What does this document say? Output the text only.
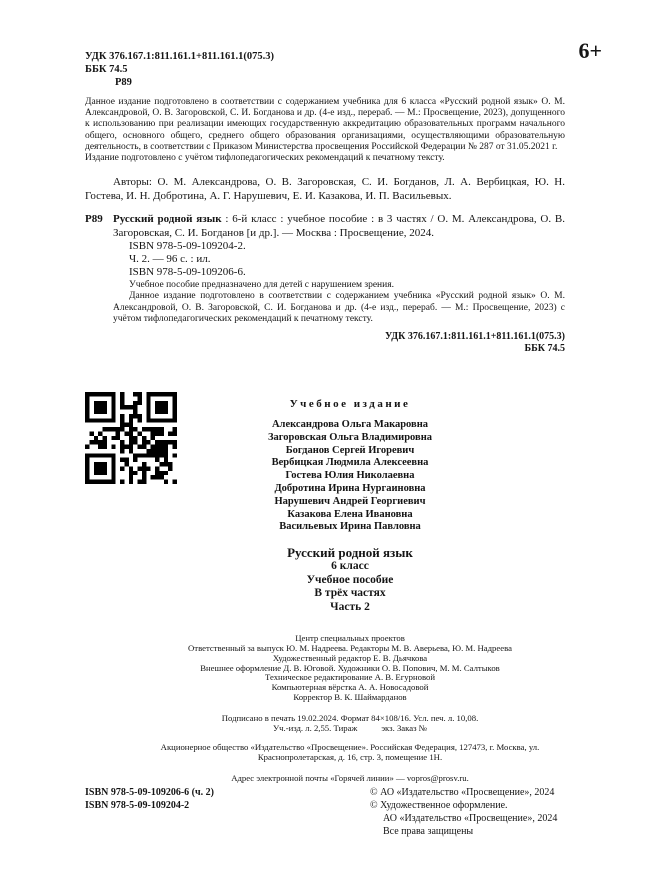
6+
УДК 376.167.1:811.161.1+811.161.1(075.3)
ББК 74.5
Р89

Данное издание подготовлено в соответствии с содержанием учебника для 6 класса «Русский родной язык» О. М. Александровой, О. В. Загоровской, С. И. Богданова и др. (4-е изд., перераб. — М.: Просвещение, 2023), допущенного к использованию при реализации имеющих государственную аккредитацию образовательных программ начального общего, основного общего, среднего общего образования организациями, осуществляющими образовательную деятельность, в соответствии с Приказом Министерства просвещения Российской Федерации № 287 от 31.05.2021 г.

Издание подготовлено с учётом тифлопедагогических рекомендаций к печатному тексту.

Авторы: О. М. Александрова, О. В. Загоровская, С. И. Богданов, Л. А. Вербицкая, Ю. Н. Гостева, И. Н. Добротина, А. Г. Нарушевич, Е. И. Казакова, И. П. Васильевых.

Р89 Русский родной язык : 6-й класс : учебное пособие : в 3 частях / О. М. Александрова, О. В. Загоровская, С. И. Богданов [и др.]. — Москва : Просвещение, 2024.
ISBN 978-5-09-109204-2.
Ч. 2. — 96 с. : ил.
ISBN 978-5-09-109206-6.
Учебное пособие предназначено для детей с нарушением зрения.

Данное издание подготовлено в соответствии с содержанием учебника «Русский родной язык» О. М. Александровой, О. В. Загоровской, С. И. Богданова и др. (4-е изд., перераб. — М.: Просвещение, 2023) с учётом тифлопедагогических рекомендаций к печатному тексту.

УДК 376.167.1:811.161.1+811.161.1(075.3)
ББК 74.5
Учебное издание
Александрова Ольга Макаровна
Загоровская Ольга Владимировна
Богданов Сергей Игоревич
Вербицкая Людмила Алексеевна
Гостева Юлия Николаевна
Добротина Ирина Нургаиновна
Нарушевич Андрей Георгиевич
Казакова Елена Ивановна
Васильевых Ирина Павловна
Русский родной язык
6 класс
Учебное пособие
В трёх частях
Часть 2
Центр специальных проектов
Ответственный за выпуск Ю. М. Надреева. Редакторы М. В. Аверьева, Ю. М. Надреева
Художественный редактор Е. В. Дьячкова
Внешнее оформление Д. В. Юговой. Художники О. В. Попович, М. М. Салтыков
Техническое редактирование А. В. Егурновой
Компьютерная вёрстка А. А. Новосадовой
Корректор В. К. Шаймарданов
Подписано в печать 19.02.2024. Формат 84×108/16. Усл. печ. л. 10,08.
Уч.-изд. л. 2,55. Тираж           экз. Заказ №

Акционерное общество «Издательство «Просвещение». Российская Федерация, 127473, г. Москва, ул. Краснопролетарская, д. 16, стр. 3, помещение 1Н.

Адрес электронной почты «Горячей линии» — vopros@prosv.ru.
ISBN 978-5-09-109206-6 (ч. 2)
ISBN 978-5-09-109204-2
© АО «Издательство «Просвещение», 2024
© Художественное оформление.
АО «Издательство «Просвещение», 2024
Все права защищены
